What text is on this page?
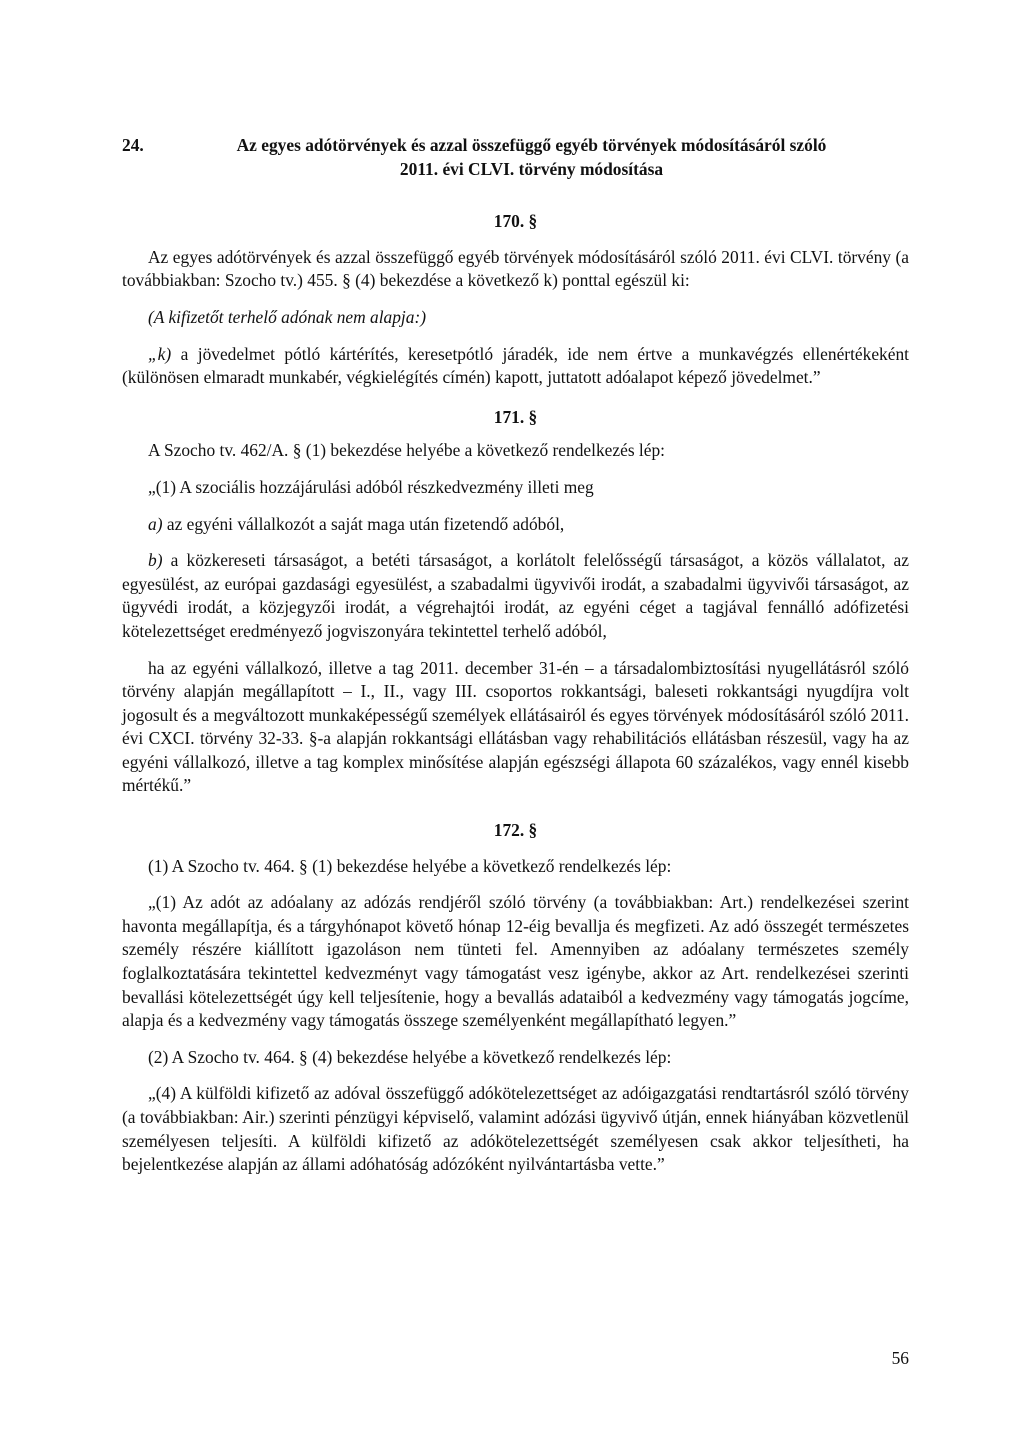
24.	Az egyes adótörvények és azzal összefüggő egyéb törvények módosításáról szóló
2011. évi CLVI. törvény módosítása
170. §

Az egyes adótörvények és azzal összefüggő egyéb törvények módosításáról szóló 2011. évi CLVI. törvény (a továbbiakban: Szocho tv.) 455. § (4) bekezdése a következő k) ponttal egészül ki:

(A kifizetőt terhelő adónak nem alapja:)

„k) a jövedelmet pótló kártérítés, keresetpótló járadék, ide nem értve a munkavégzés ellenértékeként (különösen elmaradt munkabér, végkielégítés címén) kapott, juttatott adóalapot képező jövedelmet.”

171. §

A Szocho tv. 462/A. § (1) bekezdése helyébe a következő rendelkezés lép:

„(1) A szociális hozzájárulási adóból részkedvezmény illeti meg

a) az egyéni vállalkozót a saját maga után fizetendő adóból,

b) a közkereseti társaságot, a betéti társaságot, a korlátolt felelősségű társaságot, a közös vállalatot, az egyesülést, az európai gazdasági egyesülést, a szabadalmi ügyvivői irodát, a szabadalmi ügyvivői társaságot, az ügyvédi irodát, a közjegyzői irodát, a végrehajtói irodát, az egyéni céget a tagjával fennálló adófizetési kötelezettséget eredményező jogviszonyára tekintettel terhelő adóból,

ha az egyéni vállalkozó, illetve a tag 2011. december 31-én – a társadalombiztosítási nyugellátásról szóló törvény alapján megállapított – I., II., vagy III. csoportos rokkantsági, baleseti rokkantsági nyugdíjra volt jogosult és a megváltozott munkaképességű személyek ellátásairól és egyes törvények módosításáról szóló 2011. évi CXCI. törvény 32-33. §-a alapján rokkantsági ellátásban vagy rehabilitációs ellátásban részesül, vagy ha az egyéni vállalkozó, illetve a tag komplex minősítése alapján egészségi állapota 60 százalékos, vagy ennél kisebb mértékű.”

172. §

(1) A Szocho tv. 464. § (1) bekezdése helyébe a következő rendelkezés lép:

„(1) Az adót az adóalany az adózás rendjéről szóló törvény (a továbbiakban: Art.) rendelkezései szerint havonta megállapítja, és a tárgyhónapot követő hónap 12-éig bevallja és megfizeti. Az adó összegét természetes személy részére kiállított igazoláson nem tünteti fel. Amennyiben az adóalany természetes személy foglalkoztatására tekintettel kedvezményt vagy támogatást vesz igénybe, akkor az Art. rendelkezései szerinti bevallási kötelezettségét úgy kell teljesítenie, hogy a bevallás adataiból a kedvezmény vagy támogatás jogcíme, alapja és a kedvezmény vagy támogatás összege személyenként megállapítható legyen.”

(2) A Szocho tv. 464. § (4) bekezdése helyébe a következő rendelkezés lép:

„(4) A külföldi kifizető az adóval összefüggő adókötelezettséget az adóigazgatási rendtartásról szóló törvény (a továbbiakban: Air.) szerinti pénzügyi képviselő, valamint adózási ügyvivő útján, ennek hiányában közvetlenül személyesen teljesíti. A külföldi kifizető az adókötelezettségét személyesen csak akkor teljesítheti, ha bejelentkezése alapján az állami adóhatóság adózóként nyilvántartásba vette.”

56
